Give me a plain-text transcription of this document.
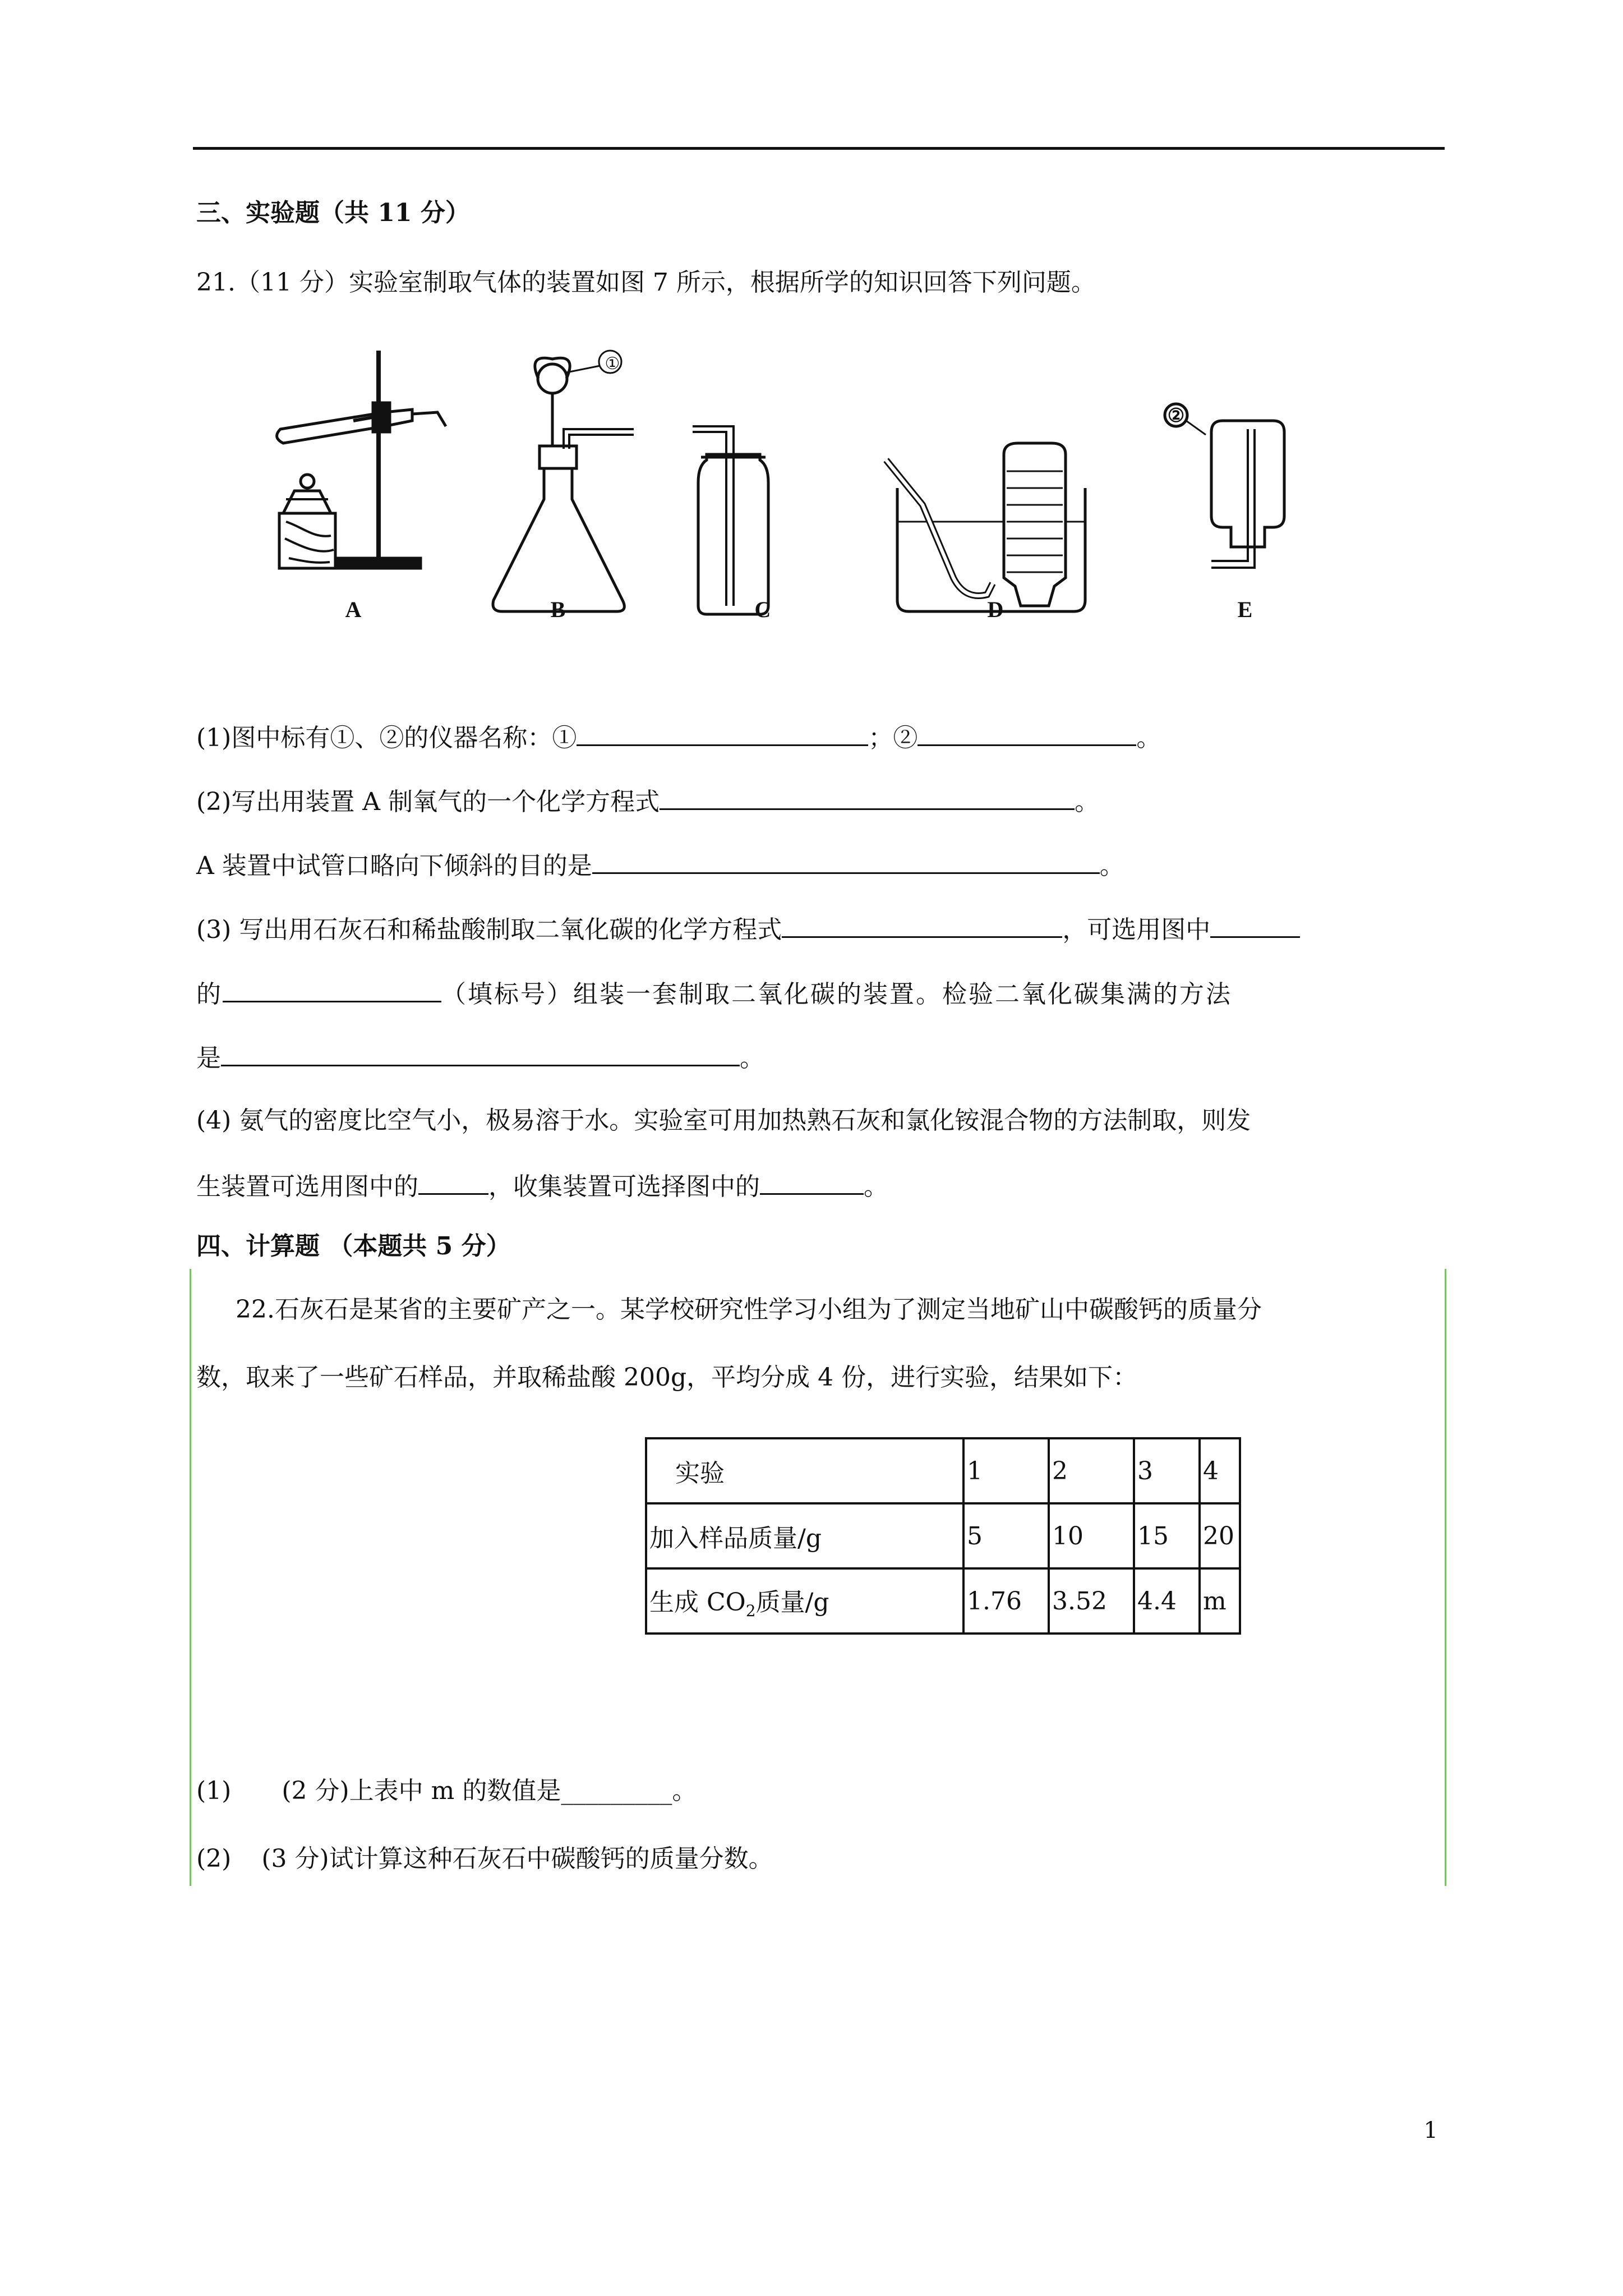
三、实验题（共 11 分）
21.（11 分）实验室制取气体的装置如图 7 所示，根据所学的知识回答下列问题。
①
②
A	B	C	D	E
(1)图中标有①、②的仪器名称：①	；②	。
(2)写出用装置 A 制氧气的一个化学方程式	。
A 装置中试管口略向下倾斜的目的是	。
(3) 写出用石灰石和稀盐酸制取二氧化碳的化学方程式	，可选用图中
的	（填标号）组装一套制取二氧化碳的装置。检验二氧化碳集满的方法
是	。
(4) 氨气的密度比空气小，极易溶于水。实验室可用加热熟石灰和氯化铵混合物的方法制取，则发
生装置可选用图中的	，收集装置可选择图中的	。
四、计算题 （本题共 5 分）
22.石灰石是某省的主要矿产之一。某学校研究性学习小组为了测定当地矿山中碳酸钙的质量分
数，取来了一些矿石样品，并取稀盐酸 200g，平均分成 4 份，进行实验，结果如下：
实验	1	2	3	4
加入样品质量/g	5	10	15	20
生成 $CO_2$质量/g	1.76	3.52	4.4	m
(1) (2 分)上表中 m 的数值是_________。
(2) (3 分)试计算这种石灰石中碳酸钙的质量分数。
1
